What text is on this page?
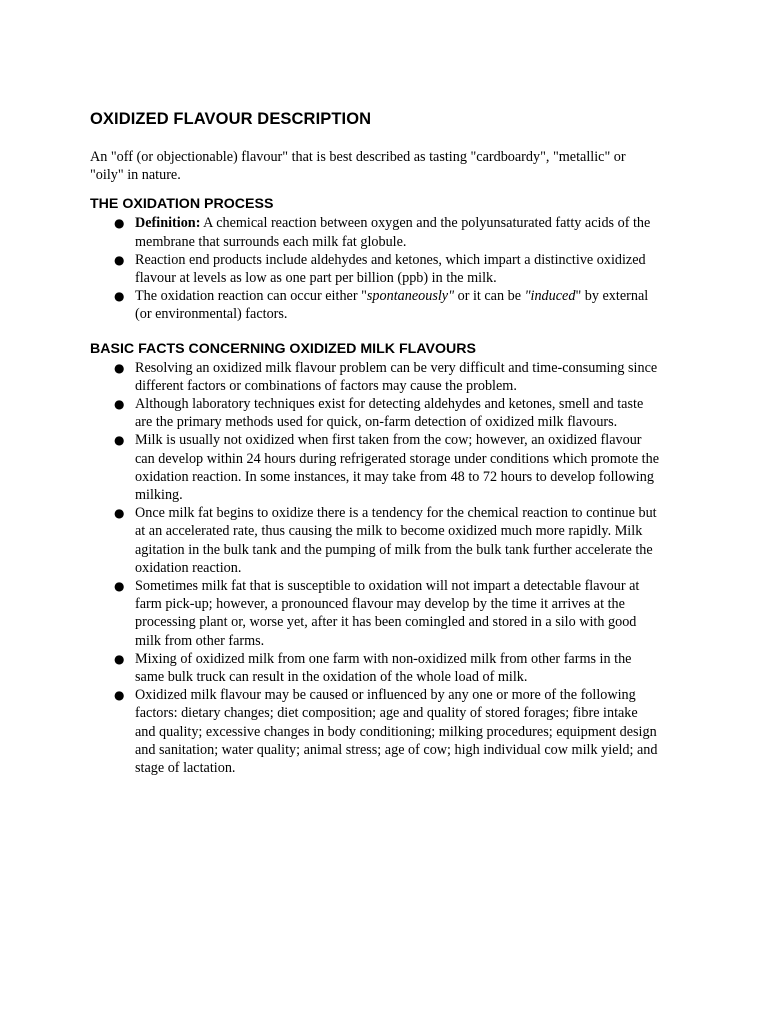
OXIDIZED FLAVOUR DESCRIPTION

An "off (or objectionable) flavour" that is best described as tasting "cardboardy", "metallic" or "oily" in nature.

THE OXIDATION PROCESS
● Definition: A chemical reaction between oxygen and the polyunsaturated fatty acids of the membrane that surrounds each milk fat globule.
● Reaction end products include aldehydes and ketones, which impart a distinctive oxidized flavour at levels as low as one part per billion (ppb) in the milk.
● The oxidation reaction can occur either "spontaneously" or it can be "induced" by external (or environmental) factors.
BASIC FACTS CONCERNING OXIDIZED MILK FLAVOURS
● Resolving an oxidized milk flavour problem can be very difficult and time-consuming since different factors or combinations of factors may cause the problem.
● Although laboratory techniques exist for detecting aldehydes and ketones, smell and taste are the primary methods used for quick, on-farm detection of oxidized milk flavours.
● Milk is usually not oxidized when first taken from the cow; however, an oxidized flavour can develop within 24 hours during refrigerated storage under conditions which promote the oxidation reaction. In some instances, it may take from 48 to 72 hours to develop following milking.
● Once milk fat begins to oxidize there is a tendency for the chemical reaction to continue but at an accelerated rate, thus causing the milk to become oxidized much more rapidly. Milk agitation in the bulk tank and the pumping of milk from the bulk tank further accelerate the oxidation reaction.
● Sometimes milk fat that is susceptible to oxidation will not impart a detectable flavour at farm pick-up; however, a pronounced flavour may develop by the time it arrives at the processing plant or, worse yet, after it has been comingled and stored in a silo with good milk from other farms.
● Mixing of oxidized milk from one farm with non-oxidized milk from other farms in the same bulk truck can result in the oxidation of the whole load of milk.
● Oxidized milk flavour may be caused or influenced by any one or more of the following factors: dietary changes; diet composition; age and quality of stored forages; fibre intake and quality; excessive changes in body conditioning; milking procedures; equipment design and sanitation; water quality; animal stress; age of cow; high individual cow milk yield; and stage of lactation.
